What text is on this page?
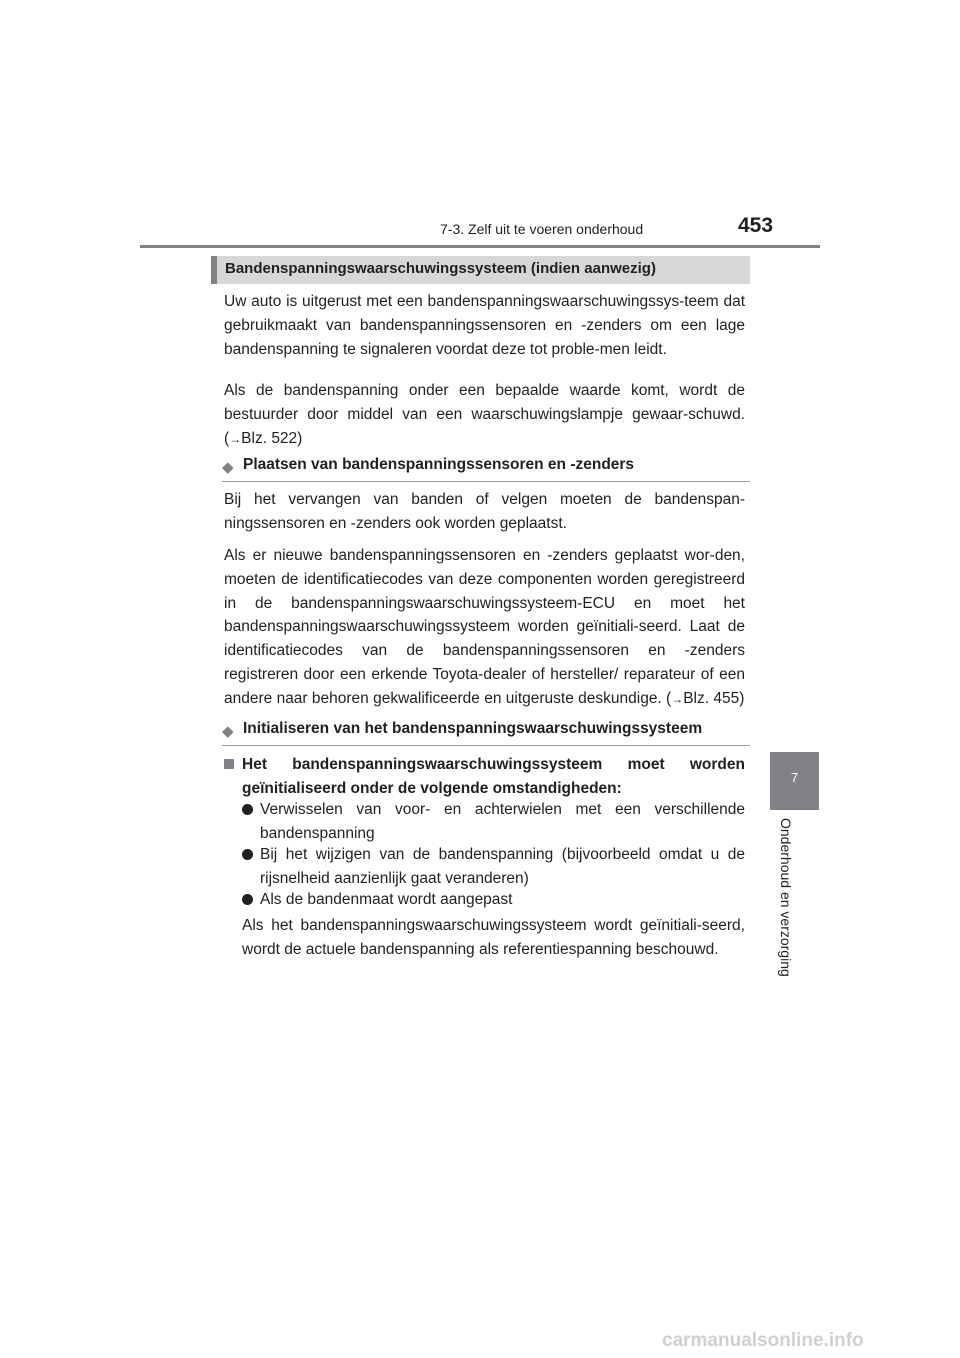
7-3. Zelf uit te voeren onderhoud	453
7
Onderhoud en verzorging
Bandenspanningswaarschuwingssysteem (indien aanwezig)

Uw auto is uitgerust met een bandenspanningswaarschuwingssys-teem dat gebruikmaakt van bandenspanningssensoren en -zenders om een lage bandenspanning te signaleren voordat deze tot proble-men leidt.

Als de bandenspanning onder een bepaalde waarde komt, wordt de bestuurder door middel van een waarschuwingslampje gewaar-schuwd. (→Blz. 522)

◆ Plaatsen van bandenspanningssensoren en -zenders

Bij het vervangen van banden of velgen moeten de bandenspan-ningssensoren en -zenders ook worden geplaatst.

Als er nieuwe bandenspanningssensoren en -zenders geplaatst wor-den, moeten de identificatiecodes van deze componenten worden geregistreerd in de bandenspanningswaarschuwingssysteem-ECU en moet het bandenspanningswaarschuwingssysteem worden geïnitiali-seerd. Laat de identificatiecodes van de bandenspanningssensoren en -zenders registreren door een erkende Toyota-dealer of hersteller/ reparateur of een andere naar behoren gekwalificeerde en uitgeruste deskundige. (→Blz. 455)

◆ Initialiseren van het bandenspanningswaarschuwingssysteem

Het bandenspanningswaarschuwingssysteem moet worden geïnitialiseerd onder de volgende omstandigheden:

Verwisselen van voor- en achterwielen met een verschillende bandenspanning

Bij het wijzigen van de bandenspanning (bijvoorbeeld omdat u de rijsnelheid aanzienlijk gaat veranderen)

Als de bandenmaat wordt aangepast

Als het bandenspanningswaarschuwingssysteem wordt geïnitiali-seerd, wordt de actuele bandenspanning als referentiespanning beschouwd.

carmanualsonline.info
